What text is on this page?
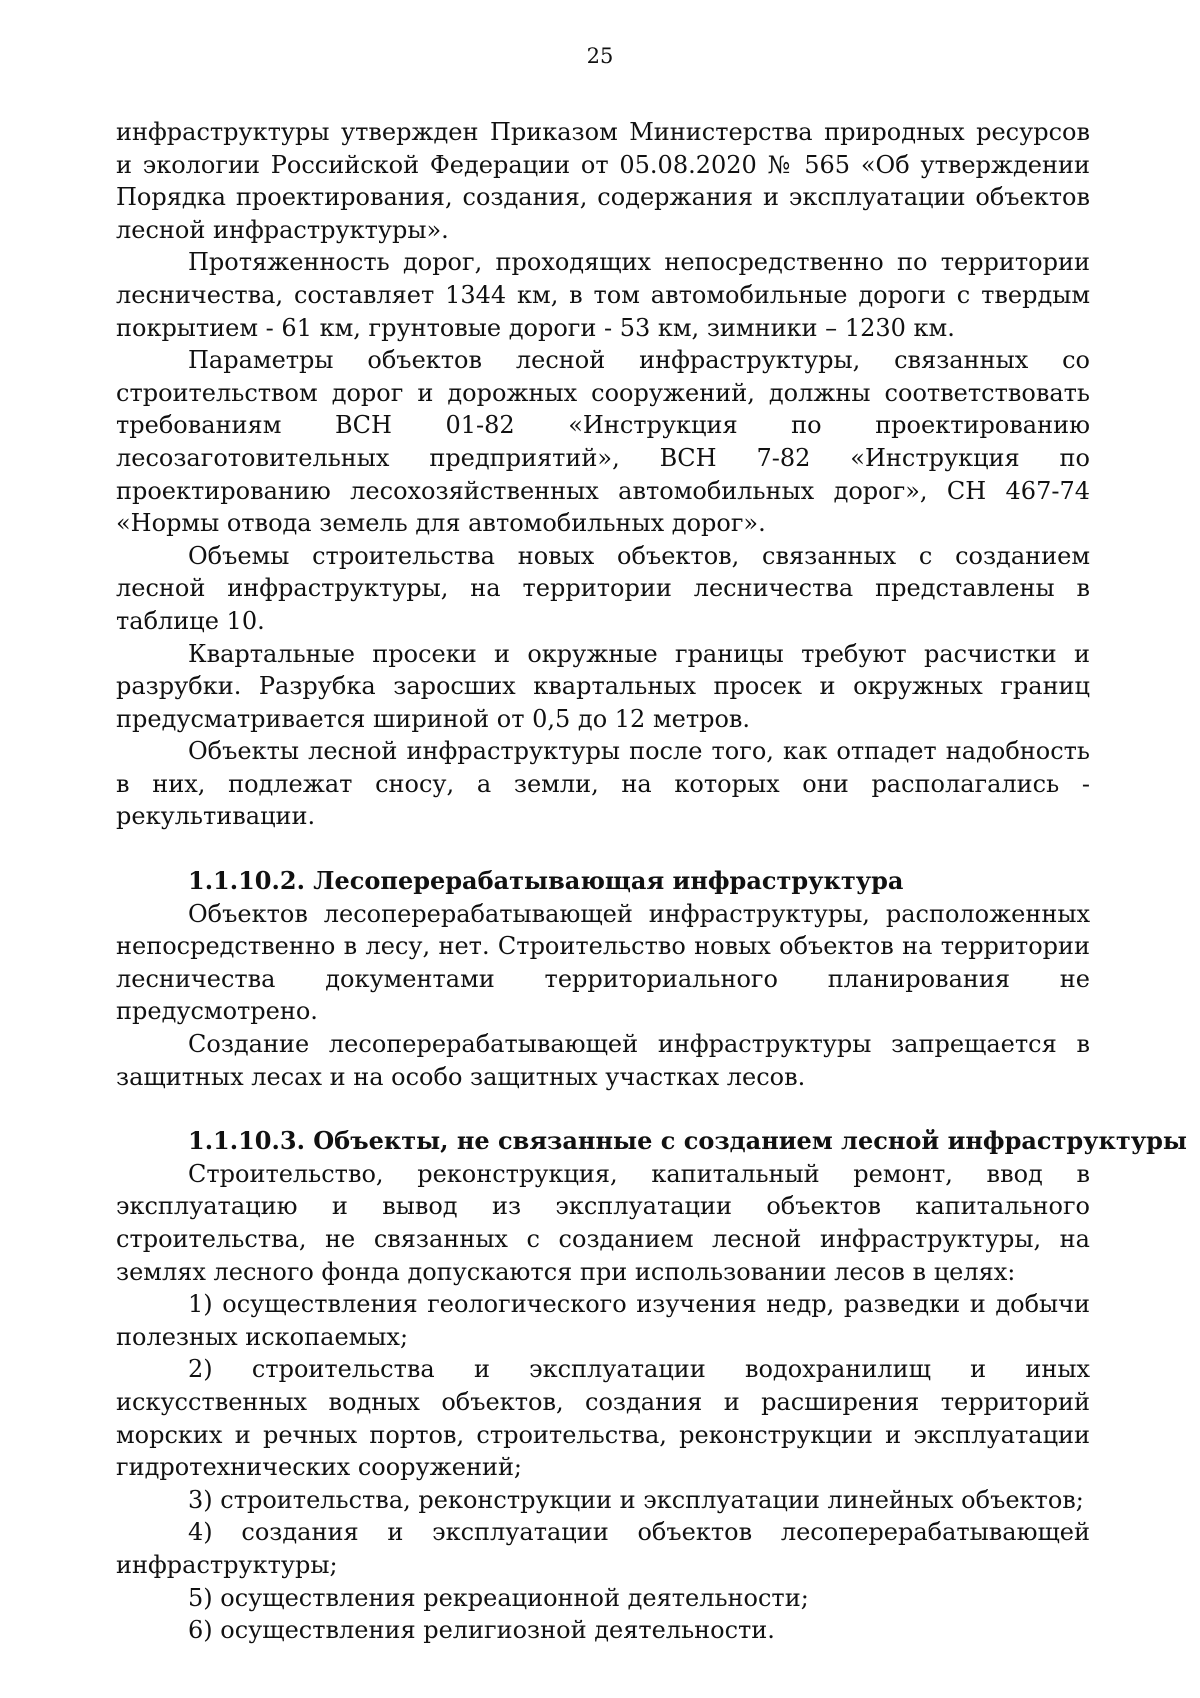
25

инфраструктуры утвержден Приказом Министерства природных ресурсов и экологии Российской Федерации от 05.08.2020 № 565 «Об утверждении Порядка проектирования, создания, содержания и эксплуатации объектов лесной инфраструктуры».

Протяженность дорог, проходящих непосредственно по территории лесничества, составляет 1344 км, в том автомобильные дороги с твердым покрытием - 61 км, грунтовые дороги - 53 км, зимники – 1230 км.

Параметры объектов лесной инфраструктуры, связанных со строительством дорог и дорожных сооружений, должны соответствовать требованиям ВСН 01-82 «Инструкция по проектированию лесозаготовительных предприятий», ВСН 7-82 «Инструкция по проектированию лесохозяйственных автомобильных дорог», СН 467-74 «Нормы отвода земель для автомобильных дорог».

Объемы строительства новых объектов, связанных с созданием лесной инфраструктуры, на территории лесничества представлены в таблице 10.

Квартальные просеки и окружные границы требуют расчистки и разрубки. Разрубка заросших квартальных просек и окружных границ предусматривается шириной от 0,5 до 12 метров.

Объекты лесной инфраструктуры после того, как отпадет надобность в них, подлежат сносу, а земли, на которых они располагались - рекультивации.

1.1.10.2. Лесоперерабатывающая инфраструктура

Объектов лесоперерабатывающей инфраструктуры, расположенных непосредственно в лесу, нет. Строительство новых объектов на территории лесничества документами территориального планирования не предусмотрено.

Создание лесоперерабатывающей инфраструктуры запрещается в защитных лесах и на особо защитных участках лесов.

1.1.10.3. Объекты, не связанные с созданием лесной инфраструктуры

Строительство, реконструкция, капитальный ремонт, ввод в эксплуатацию и вывод из эксплуатации объектов капитального строительства, не связанных с созданием лесной инфраструктуры, на землях лесного фонда допускаются при использовании лесов в целях:

1) осуществления геологического изучения недр, разведки и добычи полезных ископаемых;

2) строительства и эксплуатации водохранилищ и иных искусственных водных объектов, создания и расширения территорий морских и речных портов, строительства, реконструкции и эксплуатации гидротехнических сооружений;

3) строительства, реконструкции и эксплуатации линейных объектов;

4) создания и эксплуатации объектов лесоперерабатывающей инфраструктуры;

5) осуществления рекреационной деятельности;

6) осуществления религиозной деятельности.
